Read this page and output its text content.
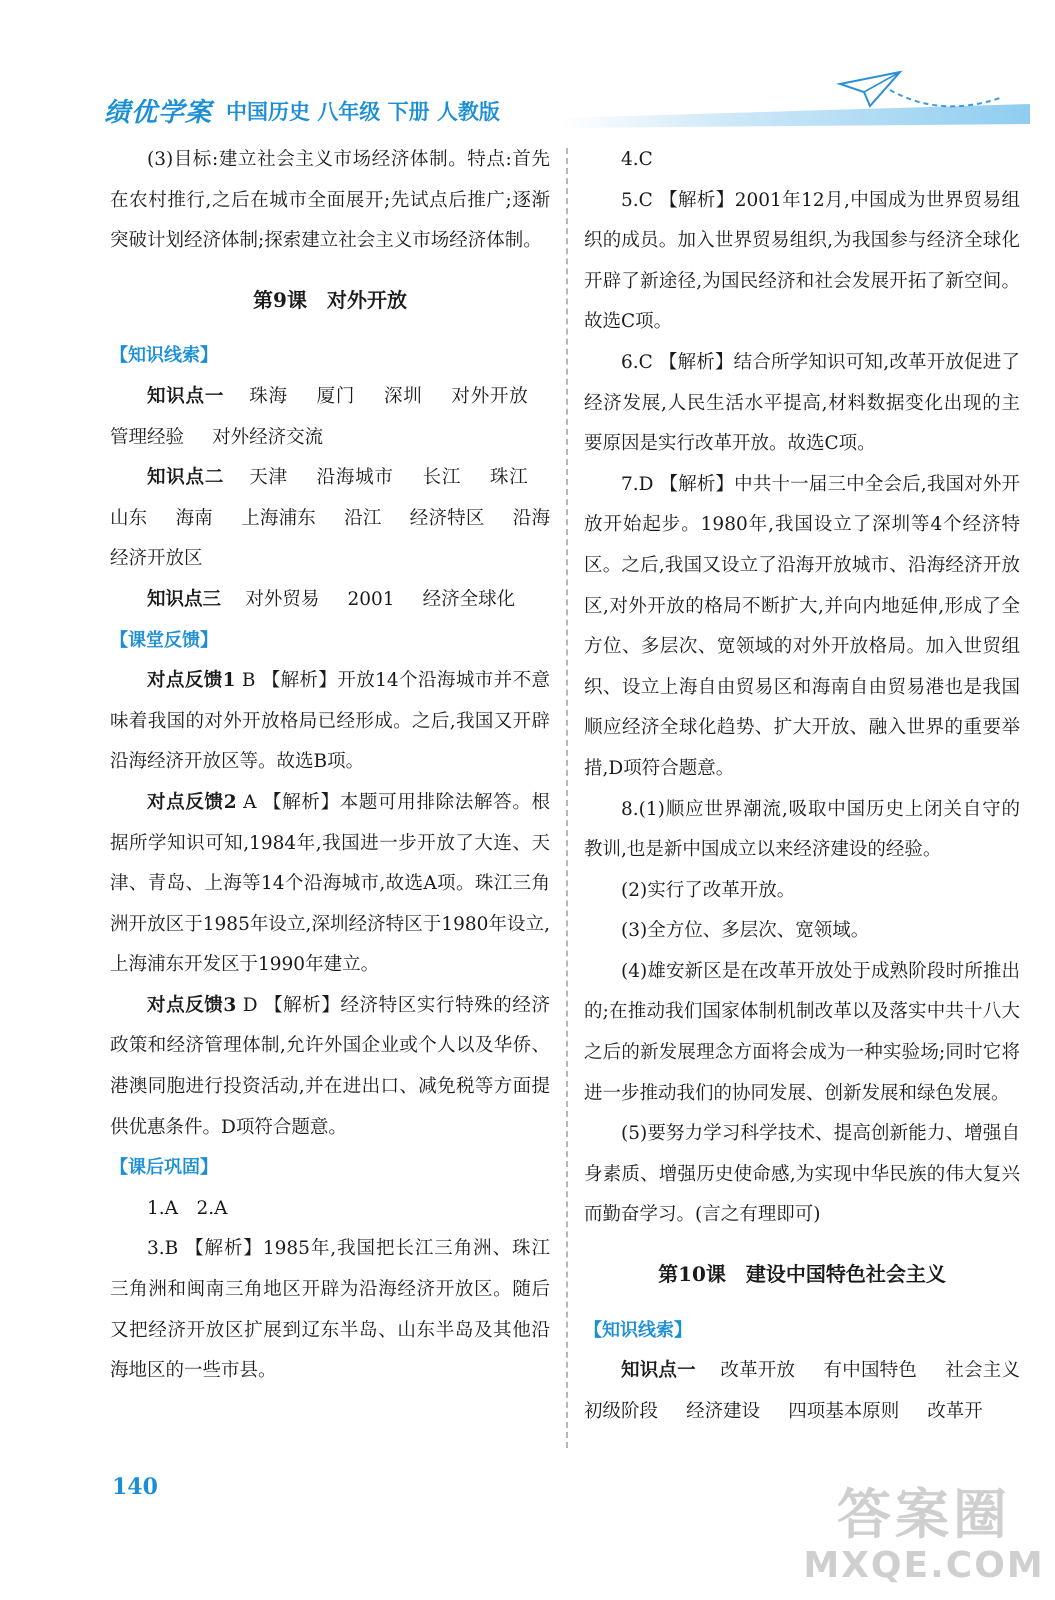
绩优学案 中国历史 八年级 下册 人教版

(3)目标:建立社会主义市场经济体制。特点:首先在农村推行,之后在城市全面展开;先试点后推广;逐渐突破计划经济体制;探索建立社会主义市场经济体制。

第9课　对外开放

【知识线索】

知识点一 珠海 厦门 深圳 对外开放 管理经验 对外经济交流

知识点二 天津 沿海城市 长江 珠江 山东 海南 上海浦东 沿江 经济特区 沿海经济开放区

知识点三 对外贸易 2001 经济全球化

【课堂反馈】

对点反馈1 B 【解析】开放14个沿海城市并不意味着我国的对外开放格局已经形成。之后,我国又开辟沿海经济开放区等。故选B项。

对点反馈2 A 【解析】本题可用排除法解答。根据所学知识可知,1984年,我国进一步开放了大连、天津、青岛、上海等14个沿海城市,故选A项。珠江三角洲开放区于1985年设立,深圳经济特区于1980年设立,上海浦东开发区于1990年建立。

对点反馈3 D 【解析】经济特区实行特殊的经济政策和经济管理体制,允许外国企业或个人以及华侨、港澳同胞进行投资活动,并在进出口、减免税等方面提供优惠条件。D项符合题意。

【课后巩固】

1.A　2.A

3.B 【解析】1985年,我国把长江三角洲、珠江三角洲和闽南三角地区开辟为沿海经济开放区。随后又把经济开放区扩展到辽东半岛、山东半岛及其他沿海地区的一些市县。

4.C

5.C 【解析】2001年12月,中国成为世界贸易组织的成员。加入世界贸易组织,为我国参与经济全球化开辟了新途径,为国民经济和社会发展开拓了新空间。故选C项。

6.C 【解析】结合所学知识可知,改革开放促进了经济发展,人民生活水平提高,材料数据变化出现的主要原因是实行改革开放。故选C项。

7.D 【解析】中共十一届三中全会后,我国对外开放开始起步。1980年,我国设立了深圳等4个经济特区。之后,我国又设立了沿海开放城市、沿海经济开放区,对外开放的格局不断扩大,并向内地延伸,形成了全方位、多层次、宽领域的对外开放格局。加入世贸组织、设立上海自由贸易区和海南自由贸易港也是我国顺应经济全球化趋势、扩大开放、融入世界的重要举措,D项符合题意。

8.(1)顺应世界潮流,吸取中国历史上闭关自守的教训,也是新中国成立以来经济建设的经验。

(2)实行了改革开放。

(3)全方位、多层次、宽领域。

(4)雄安新区是在改革开放处于成熟阶段时所推出的;在推动我们国家体制机制改革以及落实中共十八大之后的新发展理念方面将会成为一种实验场;同时它将进一步推动我们的协同发展、创新发展和绿色发展。

(5)要努力学习科学技术、提高创新能力、增强自身素质、增强历史使命感,为实现中华民族的伟大复兴而勤奋学习。(言之有理即可)

第10课　建设中国特色社会主义

【知识线索】

知识点一 改革开放 有中国特色 社会主义初级阶段 经济建设 四项基本原则 改革开

140	答案圈
MXQE.COM
